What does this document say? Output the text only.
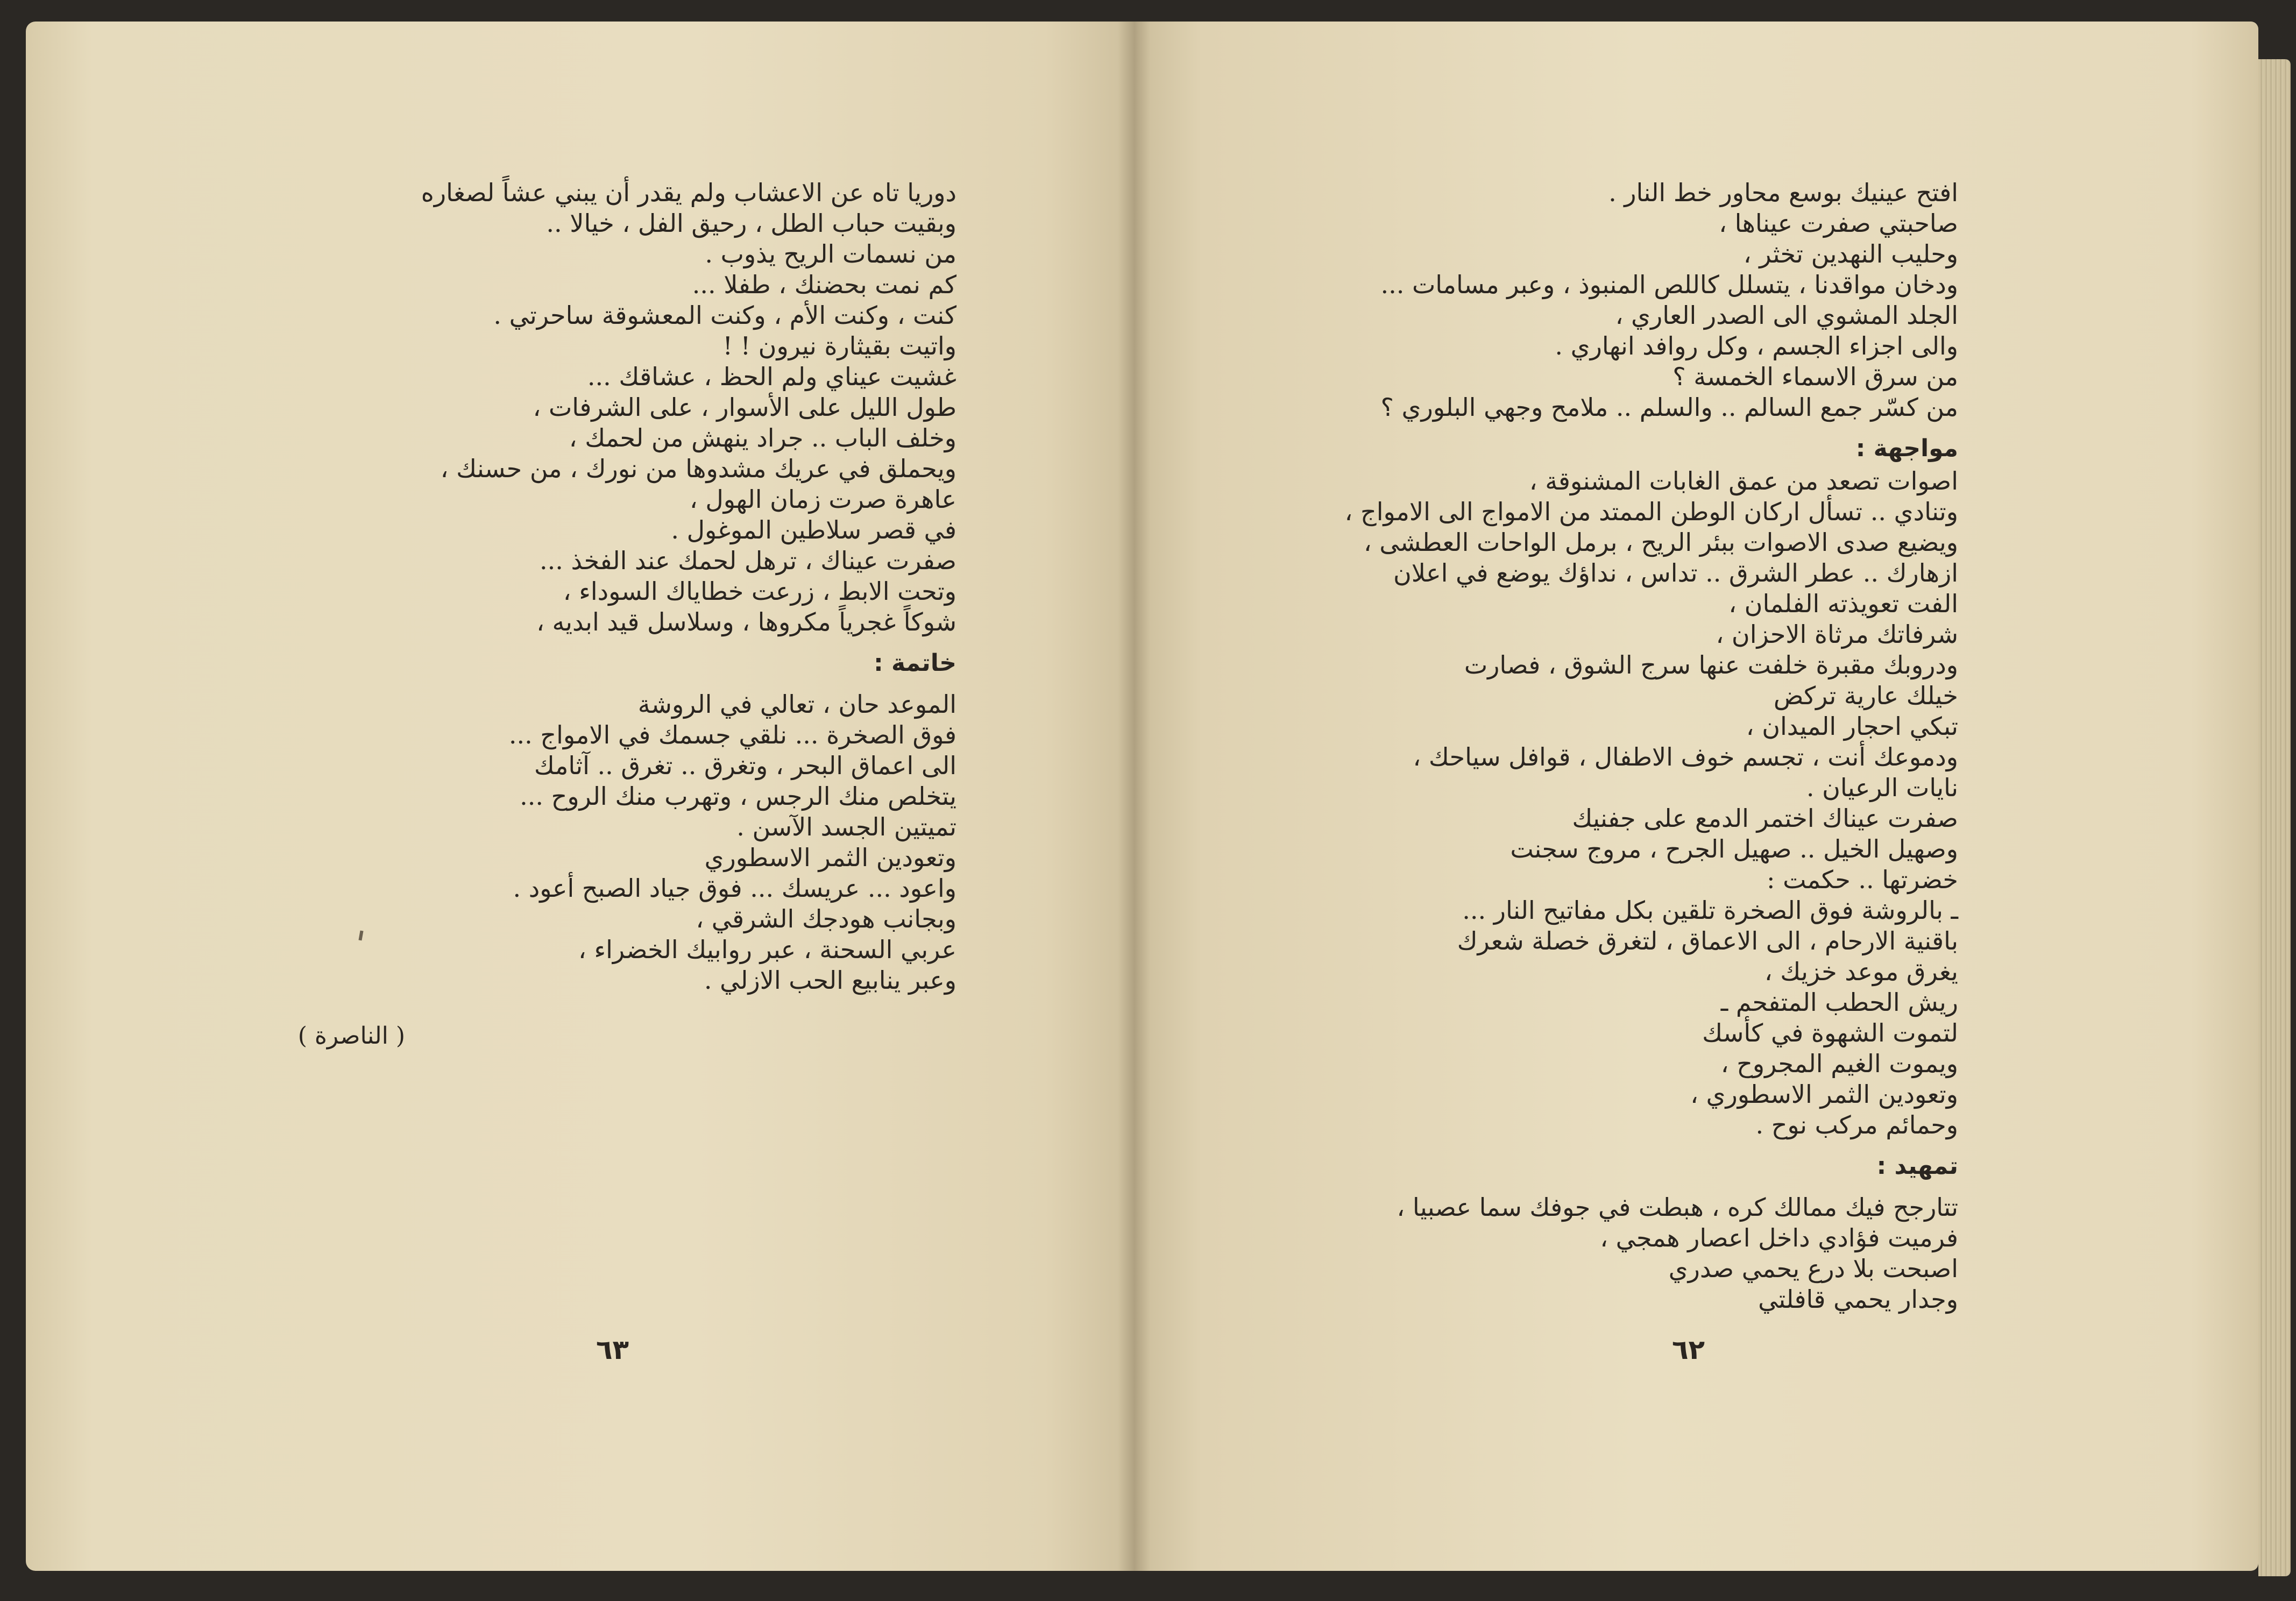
دوريا تاه عن الاعشاب ولم يقدر أن يبني عشاً لصغاره

وبقيت حباب الطل ، رحيق الفل ، خيالا ..

من نسمات الريح يذوب .

كم نمت بحضنك ، طفلا ...

كنت ، وكنت الأم ، وكنت المعشوقة ساحرتي .

واتيت بقيثارة نيرون ! !

غشيت عيناي ولم الحظ ، عشاقك ...

طول الليل على الأسوار ، على الشرفات ،

وخلف الباب .. جراد ينهش من لحمك ،

ويحملق في عريك مشدوها من نورك ، من حسنك ،

عاهرة صرت زمان الهول ،

في قصر سلاطين الموغول .

صفرت عيناك ، ترهل لحمك عند الفخذ ...

وتحت الابط ، زرعت خطاياك السوداء ،

شوكاً غجرياً مكروها ، وسلاسل قيد ابديه ،

خاتمة :

الموعد حان ، تعالي في الروشة

فوق الصخرة ... نلقي جسمك في الامواج ...

الى اعماق البحر ، وتغرق .. تغرق .. آثامك

يتخلص منك الرجس ، وتهرب منك الروح ...

تميتين الجسد الآسن .

وتعودين الثمر الاسطوري

واعود ... عريسك ... فوق جياد الصبح أعود .

وبجانب هودجك الشرقي ،

عربي السحنة ، عبر روابيك الخضراء ،

وعبر ينابيع الحب الازلي .

( الناصرة )
٦٣

افتح عينيك بوسع محاور خط النار .

صاحبتي صفرت عيناها ،

وحليب النهدين تخثر ،

ودخان مواقدنا ، يتسلل كاللص المنبوذ ، وعبر مسامات ...

الجلد المشوي الى الصدر العاري ،

والى اجزاء الجسم ، وكل روافد انهاري .

من سرق الاسماء الخمسة ؟

من كسّر جمع السالم .. والسلم .. ملامح وجهي البلوري ؟

مواجهة :

اصوات تصعد من عمق الغابات المشنوقة ،

وتنادي .. تسأل اركان الوطن الممتد من الامواج الى الامواج ،

ويضيع صدى الاصوات ببئر الريح ، برمل الواحات العطشى ،

ازهارك .. عطر الشرق .. تداس ، نداؤك يوضع في اعلان

الفت تعويذته الفلمان ،

شرفاتك مرثاة الاحزان ،

ودروبك مقبرة خلفت عنها سرج الشوق ، فصارت

خيلك عارية تركض

تبكي احجار الميدان ،

ودموعك أنت ، تجسم خوف الاطفال ، قوافل سياحك ،

نايات الرعيان .

صفرت عيناك اختمر الدمع على جفنيك

وصهيل الخيل .. صهيل الجرح ، مروج سجنت

خضرتها .. حكمت :

ـ بالروشة فوق الصخرة تلقين بكل مفاتيح النار ...

باقنية الارحام ، الى الاعماق ، لتغرق خصلة شعرك

يغرق موعد خزيك ،

ريش الحطب المتفحم ـ

لتموت الشهوة في كأسك

ويموت الغيم المجروح ،

وتعودين الثمر الاسطوري ،

وحمائم مركب نوح .

تمهيد :

تتارجح فيك ممالك كره ، هبطت في جوفك سما عصبيا ،

فرميت فؤادي داخل اعصار همجي ،

اصبحت بلا درع يحمي صدري

وجدار يحمي قافلتي

٦٢
